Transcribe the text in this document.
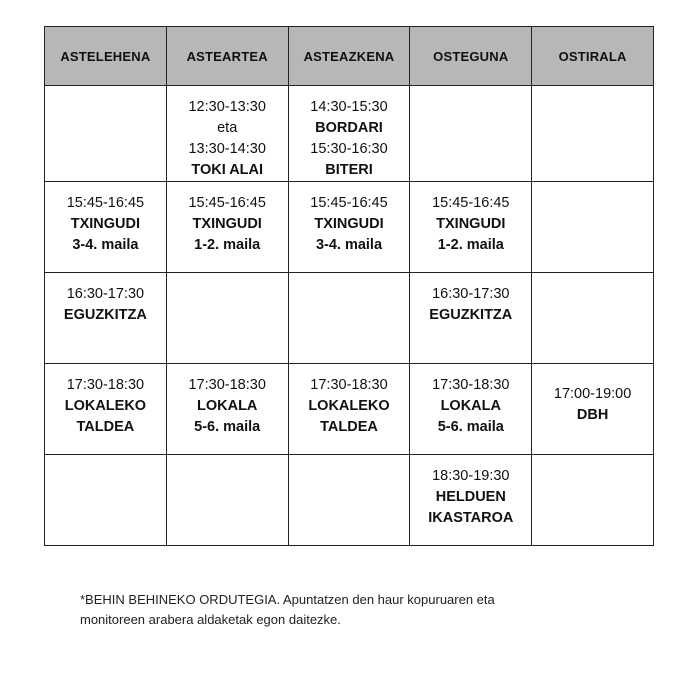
ASTELEHENA	ASTEARTEA	ASTEAZKENA	OSTEGUNA	OSTIRALA

	12:30-13:30
eta
13:30-14:30
TOKI ALAI	14:30-15:30
BORDARI
15:30-16:30
BITERI		

15:45-16:45
TXINGUDI
3-4. maila	15:45-16:45
TXINGUDI
1-2. maila	15:45-16:45
TXINGUDI
3-4. maila	15:45-16:45
TXINGUDI
1-2. maila	

16:30-17:30
EGUZKITZA			16:30-17:30
EGUZKITZA	

17:30-18:30
LOKALEKO
TALDEA	17:30-18:30
LOKALA
5-6. maila	17:30-18:30
LOKALEKO
TALDEA	17:30-18:30
LOKALA
5-6. maila	17:00-19:00
DBH

			18:30-19:30
HELDUEN
IKASTAROA	

*BEHIN BEHINEKO ORDUTEGIA. Apuntatzen den haur kopuruaren eta
monitoreen arabera aldaketak egon daitezke.
